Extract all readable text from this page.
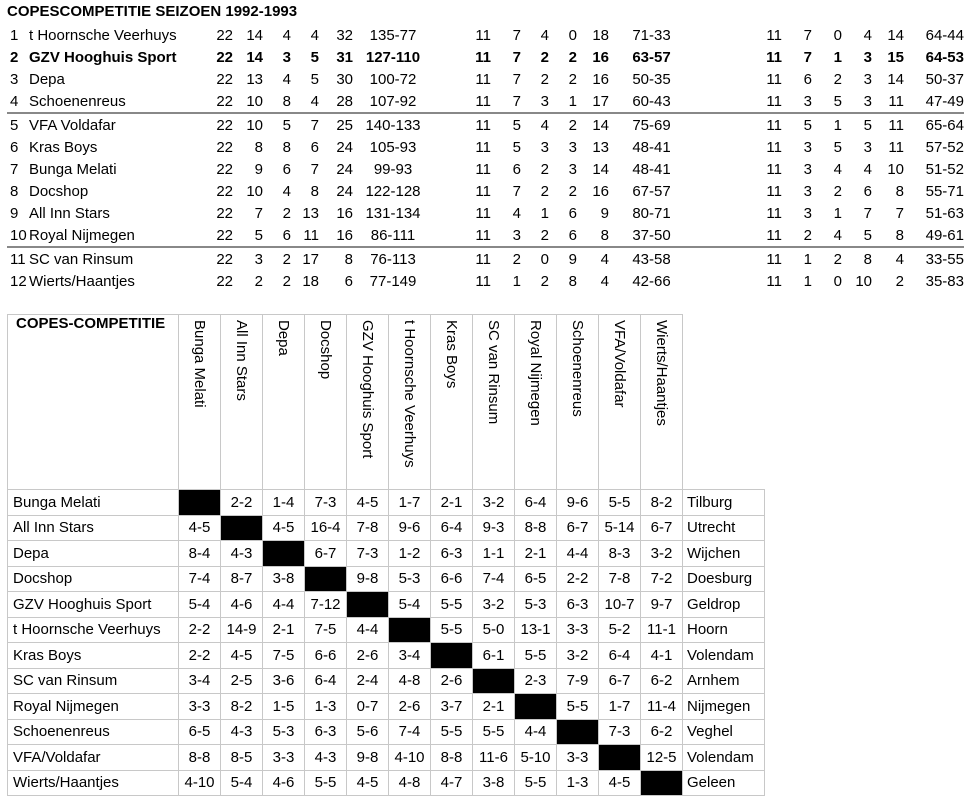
COPESCOMPETITIE SEIZOEN 1992-1993
1	t Hoornsche Veerhuys	22	14	4	4	32	135-77	11	7	4	0	18	71-33	11	7	0	4	14	64-44
2	GZV Hooghuis Sport	22	14	3	5	31	127-110	11	7	2	2	16	63-57	11	7	1	3	15	64-53
3	Depa	22	13	4	5	30	100-72	11	7	2	2	16	50-35	11	6	2	3	14	50-37
4	Schoenenreus	22	10	8	4	28	107-92	11	7	3	1	17	60-43	11	3	5	3	11	47-49
5	VFA Voldafar	22	10	5	7	25	140-133	11	5	4	2	14	75-69	11	5	1	5	11	65-64
6	Kras Boys	22	8	8	6	24	105-93	11	5	3	3	13	48-41	11	3	5	3	11	57-52
7	Bunga Melati	22	9	6	7	24	99-93	11	6	2	3	14	48-41	11	3	4	4	10	51-52
8	Docshop	22	10	4	8	24	122-128	11	7	2	2	16	67-57	11	3	2	6	8	55-71
9	All Inn Stars	22	7	2	13	16	131-134	11	4	1	6	9	80-71	11	3	1	7	7	51-63
10	Royal Nijmegen	22	5	6	11	16	86-111	11	3	2	6	8	37-50	11	2	4	5	8	49-61
11	SC van Rinsum	22	3	2	17	8	76-113	11	2	0	9	4	43-58	11	1	2	8	4	33-55
12	Wierts/Haantjes	22	2	2	18	6	77-149	11	1	2	8	4	42-66	11	1	0	10	2	35-83
COPES-COMPETITIE	Bunga Melati	All Inn Stars	Depa	Docshop	GZV Hooghuis Sport	t Hoornsche Veerhuys	Kras Boys	SC van Rinsum	Royal Nijmegen	Schoenenreus	VFA/Voldafar	Wierts/Haantjes	

Bunga Melati		2-2	1-4	7-3	4-5	1-7	2-1	3-2	6-4	9-6	5-5	8-2	Tilburg
All Inn Stars	4-5		4-5	16-4	7-8	9-6	6-4	9-3	8-8	6-7	5-14	6-7	Utrecht
Depa	8-4	4-3		6-7	7-3	1-2	6-3	1-1	2-1	4-4	8-3	3-2	Wijchen
Docshop	7-4	8-7	3-8		9-8	5-3	6-6	7-4	6-5	2-2	7-8	7-2	Doesburg
GZV Hooghuis Sport	5-4	4-6	4-4	7-12		5-4	5-5	3-2	5-3	6-3	10-7	9-7	Geldrop
t Hoornsche Veerhuys	2-2	14-9	2-1	7-5	4-4		5-5	5-0	13-1	3-3	5-2	11-1	Hoorn
Kras Boys	2-2	4-5	7-5	6-6	2-6	3-4		6-1	5-5	3-2	6-4	4-1	Volendam
SC van Rinsum	3-4	2-5	3-6	6-4	2-4	4-8	2-6		2-3	7-9	6-7	6-2	Arnhem
Royal Nijmegen	3-3	8-2	1-5	1-3	0-7	2-6	3-7	2-1		5-5	1-7	11-4	Nijmegen
Schoenenreus	6-5	4-3	5-3	6-3	5-6	7-4	5-5	5-5	4-4		7-3	6-2	Veghel
VFA/Voldafar	8-8	8-5	3-3	4-3	9-8	4-10	8-8	11-6	5-10	3-3		12-5	Volendam
Wierts/Haantjes	4-10	5-4	4-6	5-5	4-5	4-8	4-7	3-8	5-5	1-3	4-5		Geleen
